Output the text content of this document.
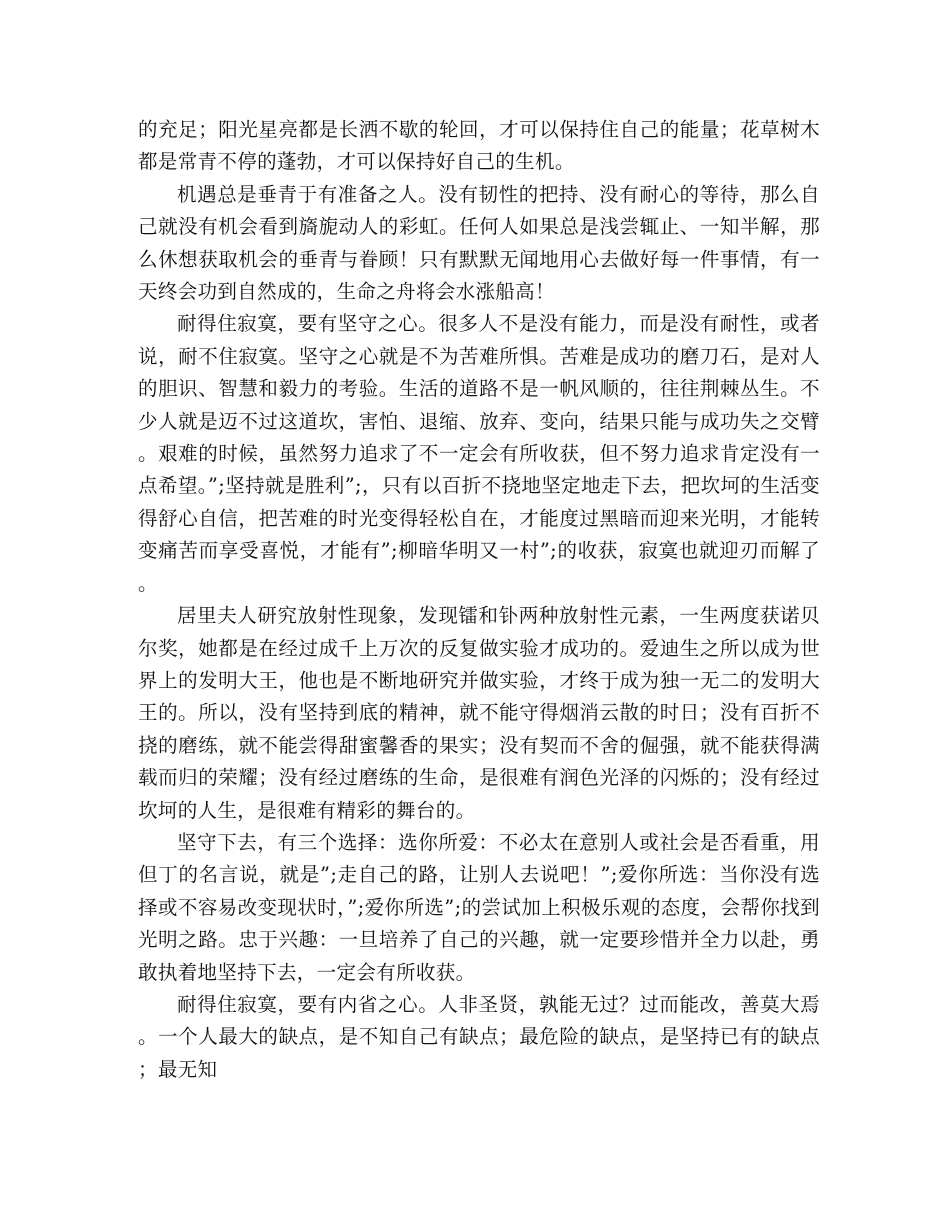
的充足；阳光星亮都是长洒不歇的轮回，才可以保持住自己的能量；花草树木都是常青不停的蓬勃，才可以保持好自己的生机。

机遇总是垂青于有准备之人。没有韧性的把持、没有耐心的等待，那么自己就没有机会看到旖旎动人的彩虹。任何人如果总是浅尝辄止、一知半解，那么休想获取机会的垂青与眷顾！只有默默无闻地用心去做好每一件事情，有一天终会功到自然成的，生命之舟将会水涨船高！

耐得住寂寞，要有坚守之心。很多人不是没有能力，而是没有耐性，或者说，耐不住寂寞。坚守之心就是不为苦难所惧。苦难是成功的磨刀石，是对人的胆识、智慧和毅力的考验。生活的道路不是一帆风顺的，往往荆棘丛生。不少人就是迈不过这道坎，害怕、退缩、放弃、变向，结果只能与成功失之交臂。艰难的时候，虽然努力追求了不一定会有所收获，但不努力追求肯定没有一点希望。”;坚持就是胜利”;，只有以百折不挠地坚定地走下去，把坎坷的生活变得舒心自信，把苦难的时光变得轻松自在，才能度过黑暗而迎来光明，才能转变痛苦而享受喜悦，才能有”;柳暗华明又一村”;的收获，寂寞也就迎刃而解了。

居里夫人研究放射性现象，发现镭和钋两种放射性元素，一生两度获诺贝尔奖，她都是在经过成千上万次的反复做实验才成功的。爱迪生之所以成为世界上的发明大王，他也是不断地研究并做实验，才终于成为独一无二的发明大王的。所以，没有坚持到底的精神，就不能守得烟消云散的时日；没有百折不挠的磨练，就不能尝得甜蜜馨香的果实；没有契而不舍的倔强，就不能获得满载而归的荣耀；没有经过磨练的生命，是很难有润色光泽的闪烁的；没有经过坎坷的人生，是很难有精彩的舞台的。

坚守下去，有三个选择：选你所爱：不必太在意别人或社会是否看重，用但丁的名言说，就是”;走自己的路，让别人去说吧！”;爱你所选：当你没有选择或不容易改变现状时，”;爱你所选”;的尝试加上积极乐观的态度，会帮你找到光明之路。忠于兴趣：一旦培养了自己的兴趣，就一定要珍惜并全力以赴，勇敢执着地坚持下去，一定会有所收获。

耐得住寂寞，要有内省之心。人非圣贤，孰能无过？过而能改，善莫大焉。一个人最大的缺点，是不知自己有缺点；最危险的缺点，是坚持已有的缺点；最无知
